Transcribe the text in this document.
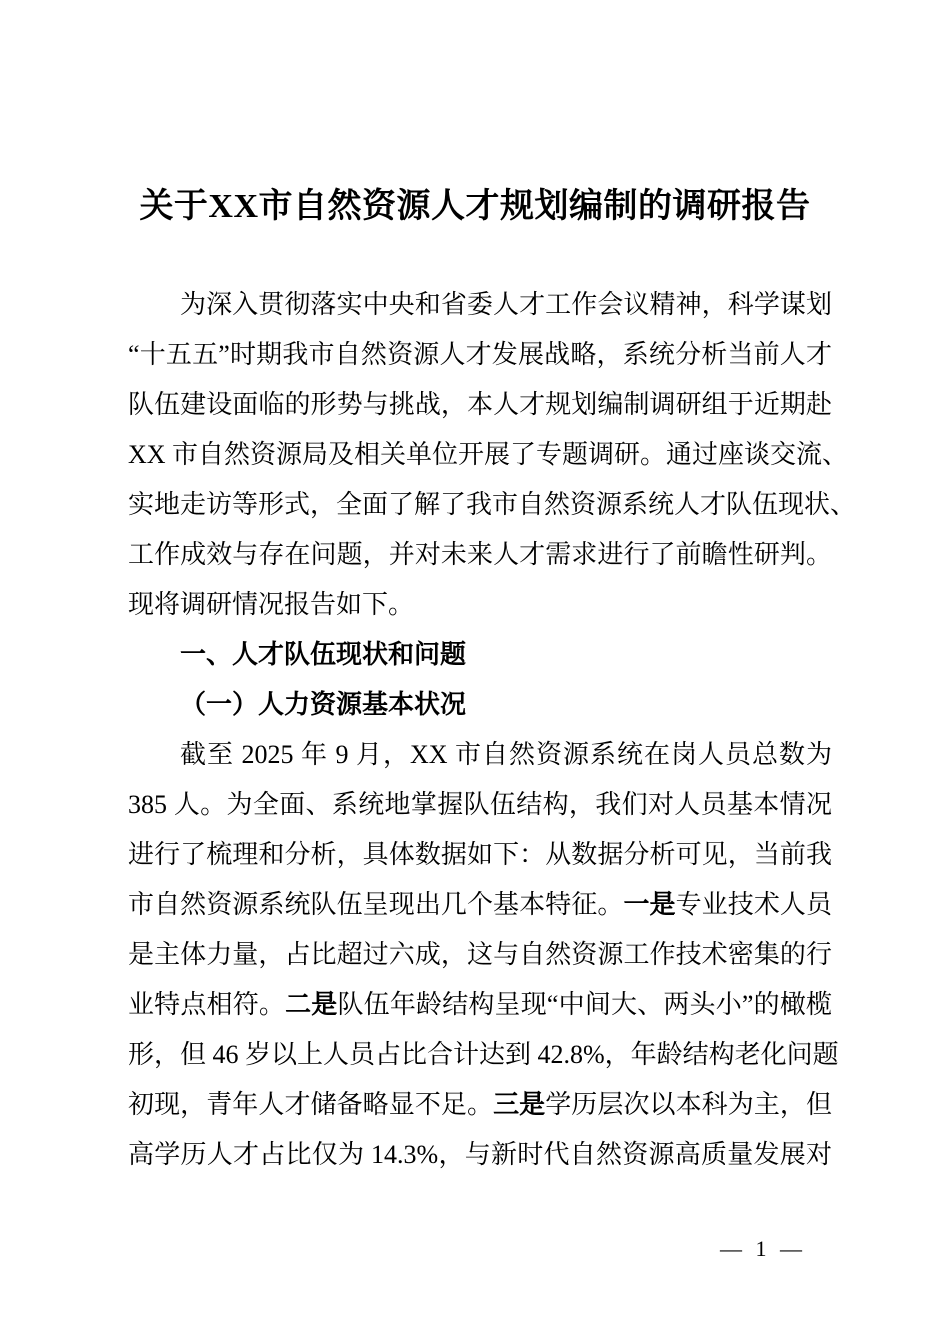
关于XX市自然资源人才规划编制的调研报告
为深入贯彻落实中央和省委人才工作会议精神，科学谋划
“十五五”时期我市自然资源人才发展战略，系统分析当前人才
队伍建设面临的形势与挑战，本人才规划编制调研组于近期赴
XX 市自然资源局及相关单位开展了专题调研。通过座谈交流、
实地走访等形式，全面了解了我市自然资源系统人才队伍现状、
工作成效与存在问题，并对未来人才需求进行了前瞻性研判。
现将调研情况报告如下。
一、人才队伍现状和问题
（一）人力资源基本状况
截至 2025 年 9 月，XX 市自然资源系统在岗人员总数为
385 人。为全面、系统地掌握队伍结构，我们对人员基本情况
进行了梳理和分析，具体数据如下：从数据分析可见，当前我
市自然资源系统队伍呈现出几个基本特征。一是专业技术人员
是主体力量，占比超过六成，这与自然资源工作技术密集的行
业特点相符。二是队伍年龄结构呈现“中间大、两头小”的橄榄
形，但 46 岁以上人员占比合计达到 42.8%，年龄结构老化问题
初现，青年人才储备略显不足。三是学历层次以本科为主，但
高学历人才占比仅为 14.3%，与新时代自然资源高质量发展对
— 1 —
